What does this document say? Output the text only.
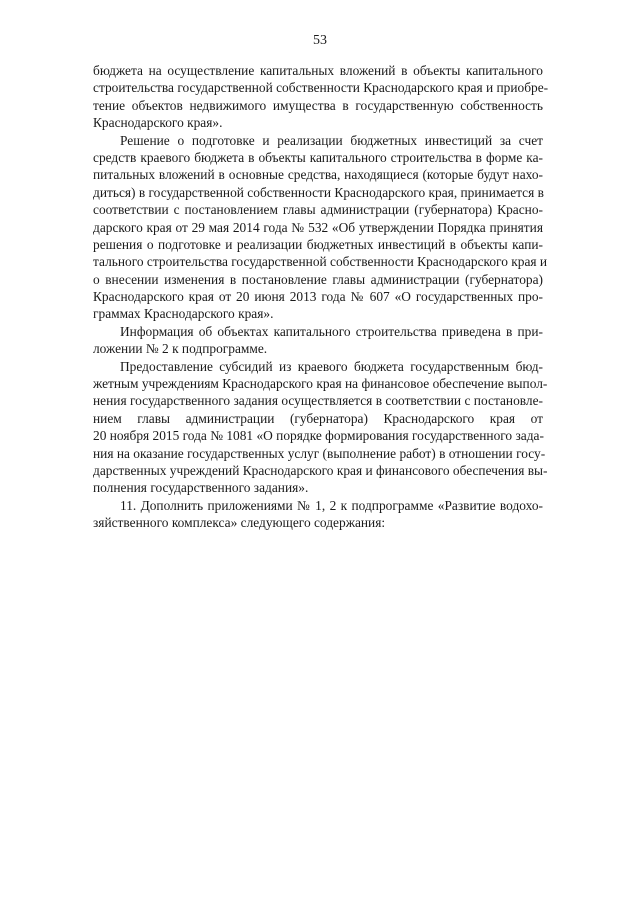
53
бюджета на осуществление капитальных вложений в объекты капитального
строительства государственной собственности Краснодарского края и приобре-
тение объектов недвижимого имущества в государственную собственность
Краснодарского края».
Решение о подготовке и реализации бюджетных инвестиций за счет
средств краевого бюджета в объекты капитального строительства в форме ка-
питальных вложений в основные средства, находящиеся (которые будут нахо-
диться) в государственной собственности Краснодарского края, принимается в
соответствии с постановлением главы администрации (губернатора) Красно-
дарского края от 29 мая 2014 года № 532 «Об утверждении Порядка принятия
решения о подготовке и реализации бюджетных инвестиций в объекты капи-
тального строительства государственной собственности Краснодарского края и
о внесении изменения в постановление главы администрации (губернатора)
Краснодарского края от 20 июня 2013 года № 607 «О государственных про-
граммах Краснодарского края».
Информация об объектах капитального строительства приведена в при-
ложении № 2 к подпрограмме.
Предоставление субсидий из краевого бюджета государственным бюд-
жетным учреждениям Краснодарского края на финансовое обеспечение выпол-
нения государственного задания осуществляется в соответствии с постановле-
нием главы администрации (губернатора) Краснодарского края от
20 ноября 2015 года № 1081 «О порядке формирования государственного зада-
ния на оказание государственных услуг (выполнение работ) в отношении госу-
дарственных учреждений Краснодарского края и финансового обеспечения вы-
полнения государственного задания».
11. Дополнить приложениями № 1, 2 к подпрограмме «Развитие водохо-
зяйственного комплекса» следующего содержания:
